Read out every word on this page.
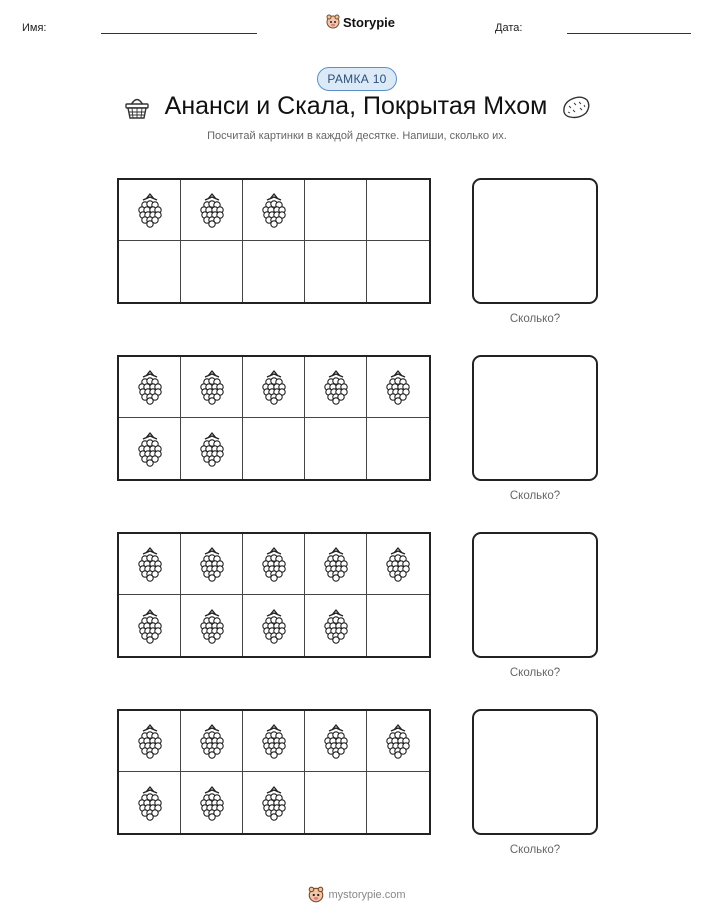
Имя:	Storypie	Дата:
РАМКА 10
Ананси и Скала, Покрытая Мхом
Посчитай картинки в каждой десятке. Напиши, сколько их.
Сколько?
Сколько?
Сколько?
Сколько?
mystorypie.com
